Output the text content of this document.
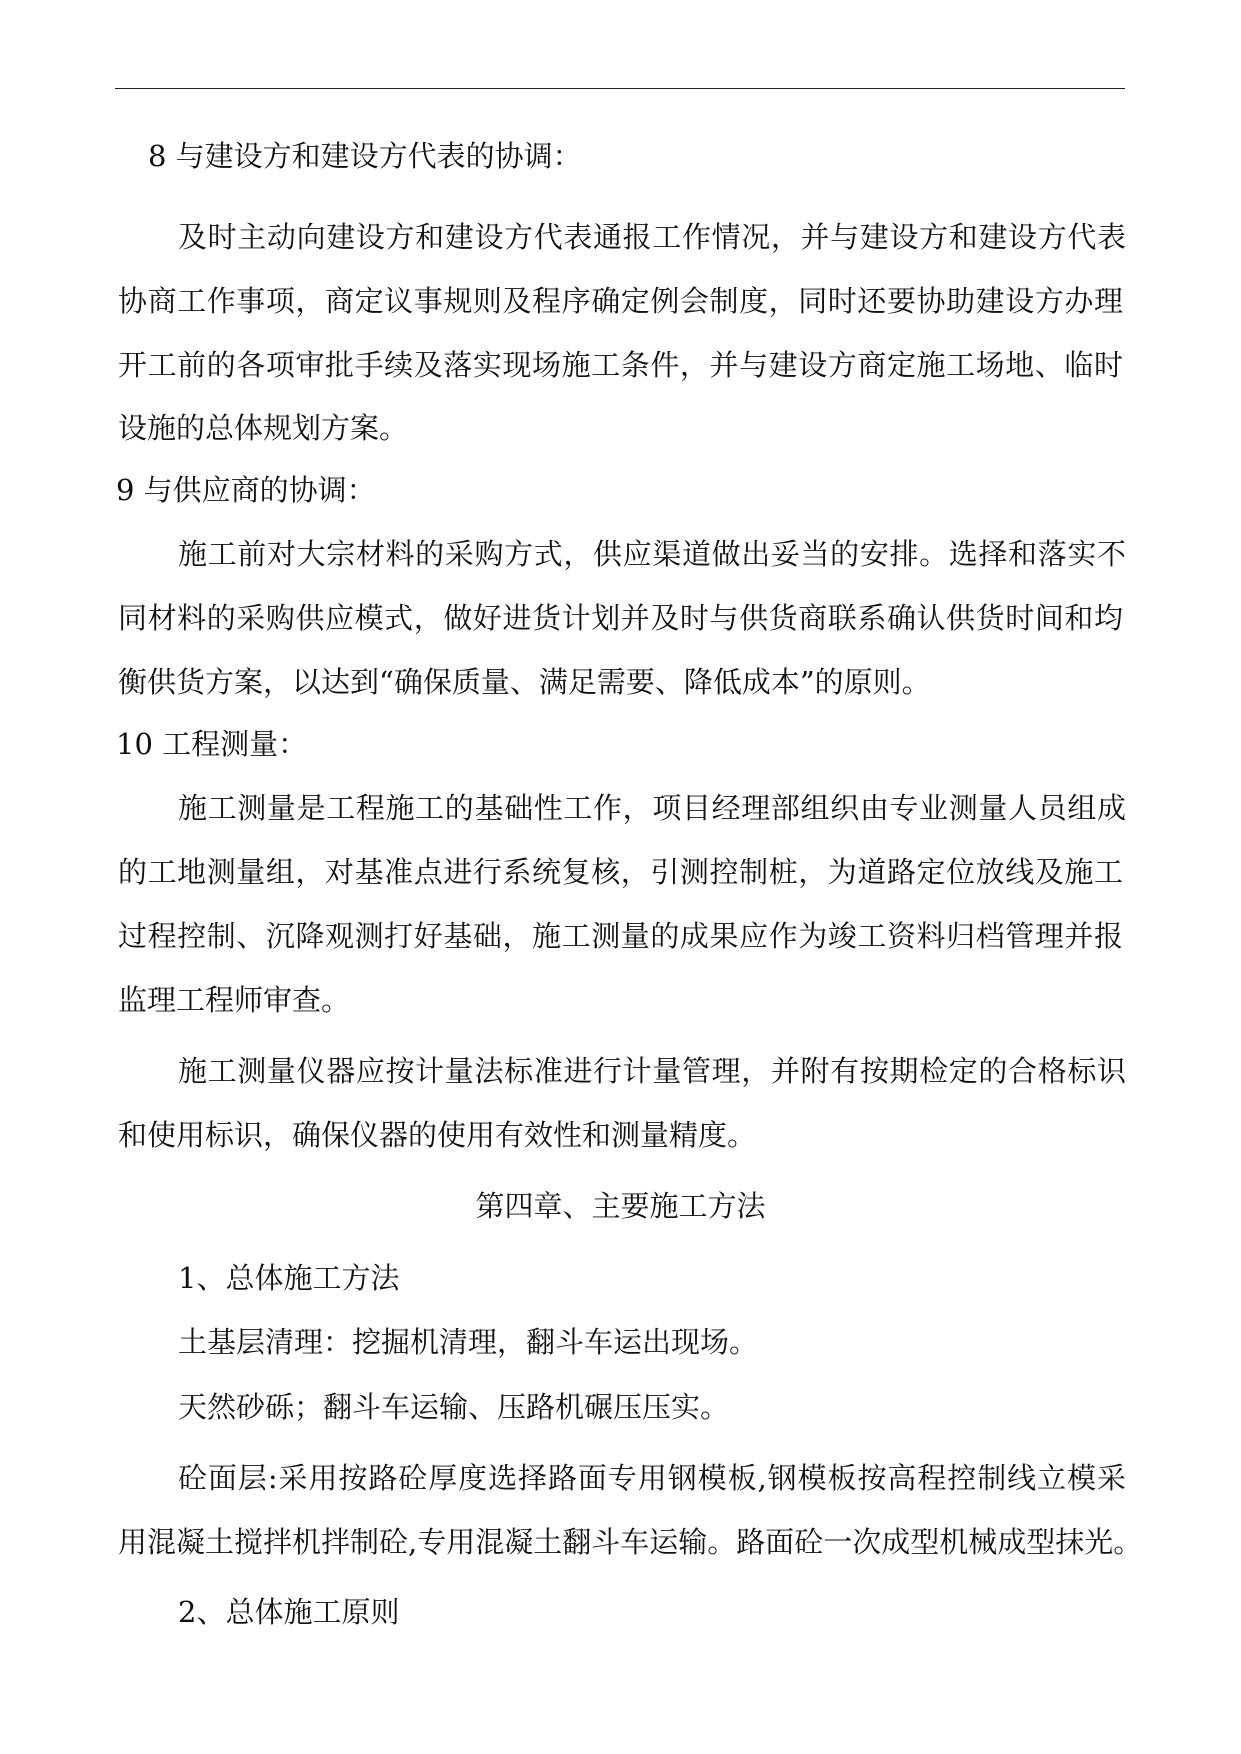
8 与建设方和建设方代表的协调：
及时主动向建设方和建设方代表通报工作情况，并与建设方和建设方代表
协商工作事项，商定议事规则及程序确定例会制度，同时还要协助建设方办理
开工前的各项审批手续及落实现场施工条件，并与建设方商定施工场地、临时
设施的总体规划方案。
9 与供应商的协调：
施工前对大宗材料的采购方式，供应渠道做出妥当的安排。选择和落实不
同材料的采购供应模式，做好进货计划并及时与供货商联系确认供货时间和均
衡供货方案，以达到“确保质量、满足需要、降低成本”的原则。
10 工程测量：
施工测量是工程施工的基础性工作，项目经理部组织由专业测量人员组成
的工地测量组，对基准点进行系统复核，引测控制桩，为道路定位放线及施工
过程控制、沉降观测打好基础，施工测量的成果应作为竣工资料归档管理并报
监理工程师审查。
施工测量仪器应按计量法标准进行计量管理，并附有按期检定的合格标识
和使用标识，确保仪器的使用有效性和测量精度。
第四章、主要施工方法
1、总体施工方法
土基层清理：挖掘机清理，翻斗车运出现场。
天然砂砾；翻斗车运输、压路机碾压压实。
砼面层:采用按路砼厚度选择路面专用钢模板,钢模板按高程控制线立模采
用混凝土搅拌机拌制砼,专用混凝土翻斗车运输。路面砼一次成型机械成型抹光。
2、总体施工原则
